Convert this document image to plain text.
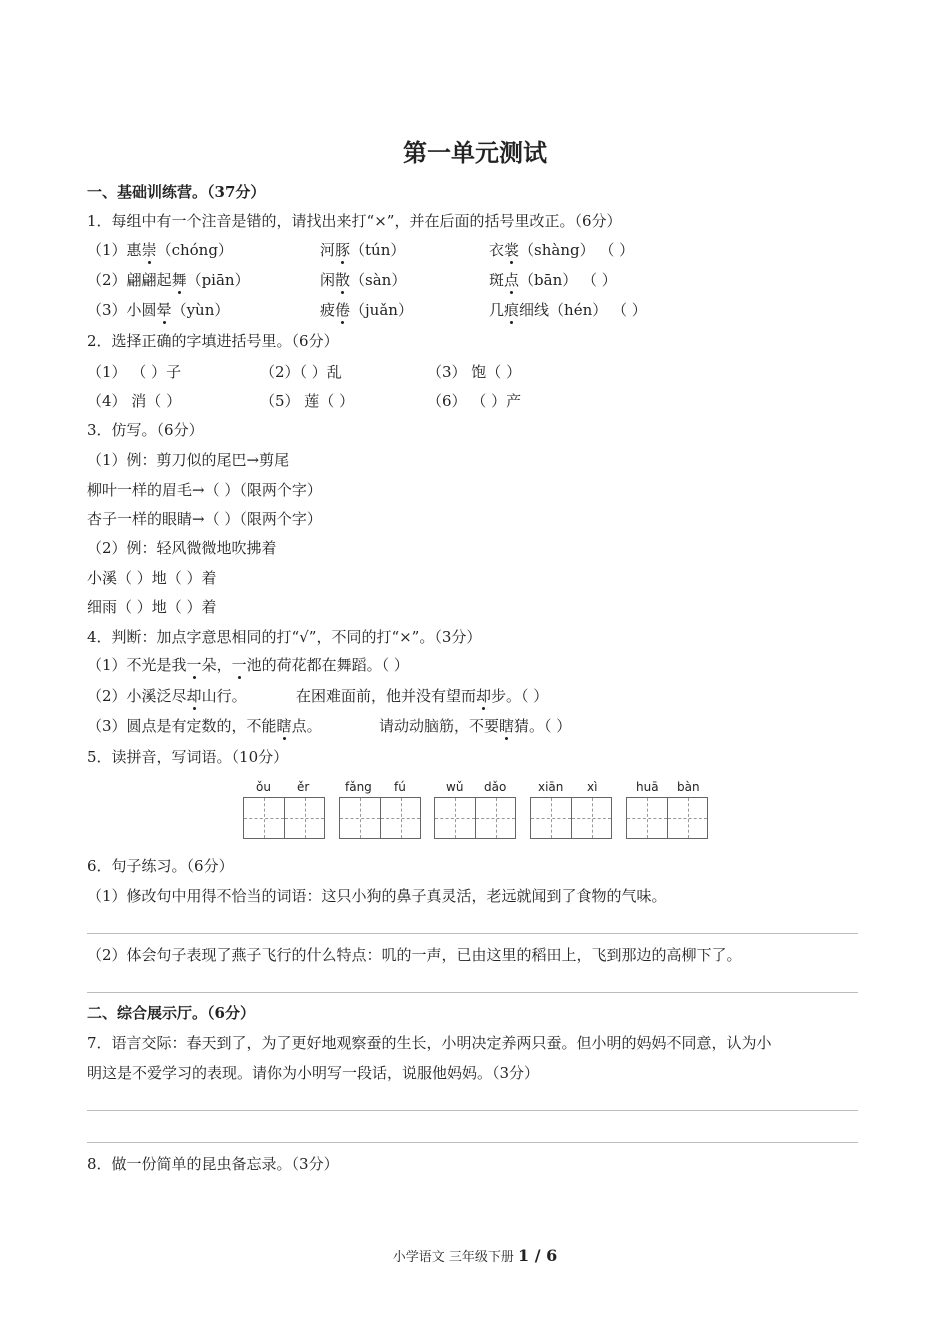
第一单元测试
一、基础训练营。（37分）
1．每组中有一个注音是错的，请找出来打“×”，并在后面的括号里改正。（6分）
（1）惠崇（chóng）	河豚（tún）	衣裳（shàng） （ ）
（2）翩翩起舞（piān）	闲散（sàn）	斑点（bān） （ ）
（3）小圆晕（yùn）	疲倦（juǎn）	几痕细线（hén） （ ）
2．选择正确的字填进括号里。（6分）
（1） （ ）子	（2）（ ）乱	（3） 饱（ ）
（4） 消（ ）	（5） 莲（ ）	（6） （ ）产
3．仿写。（6分）
（1）例：剪刀似的尾巴→剪尾
柳叶一样的眉毛→（ ）（限两个字）
杏子一样的眼睛→（ ）（限两个字）
（2）例：轻风微微地吹拂着
小溪（ ）地（ ）着
细雨（ ）地（ ）着
4．判断：加点字意思相同的打“√”，不同的打“×”。（3分）
（1）不光是我一朵，一池的荷花都在舞蹈。（ ）
（2）小溪泛尽却山行。	在困难面前，他并没有望而却步。（ ）
（3）圆点是有定数的，不能瞎点。	请动动脑筋，不要瞎猜。（ ）
5．读拼音，写词语。（10分）
ǒu ěr	fǎng fú	wǔ dǎo	xiān xì	huā bàn
6．句子练习。（6分）
（1）修改句中用得不恰当的词语：这只小狗的鼻子真灵活，老远就闻到了食物的气味。
（2）体会句子表现了燕子飞行的什么特点：叽的一声，已由这里的稻田上，飞到那边的高柳下了。
二、综合展示厅。（6分）
7．语言交际：春天到了，为了更好地观察蚕的生长，小明决定养两只蚕。但小明的妈妈不同意，认为小
明这是不爱学习的表现。请你为小明写一段话，说服他妈妈。（3分）
8．做一份简单的昆虫备忘录。（3分）
小学语文 三年级下册 1 / 6
